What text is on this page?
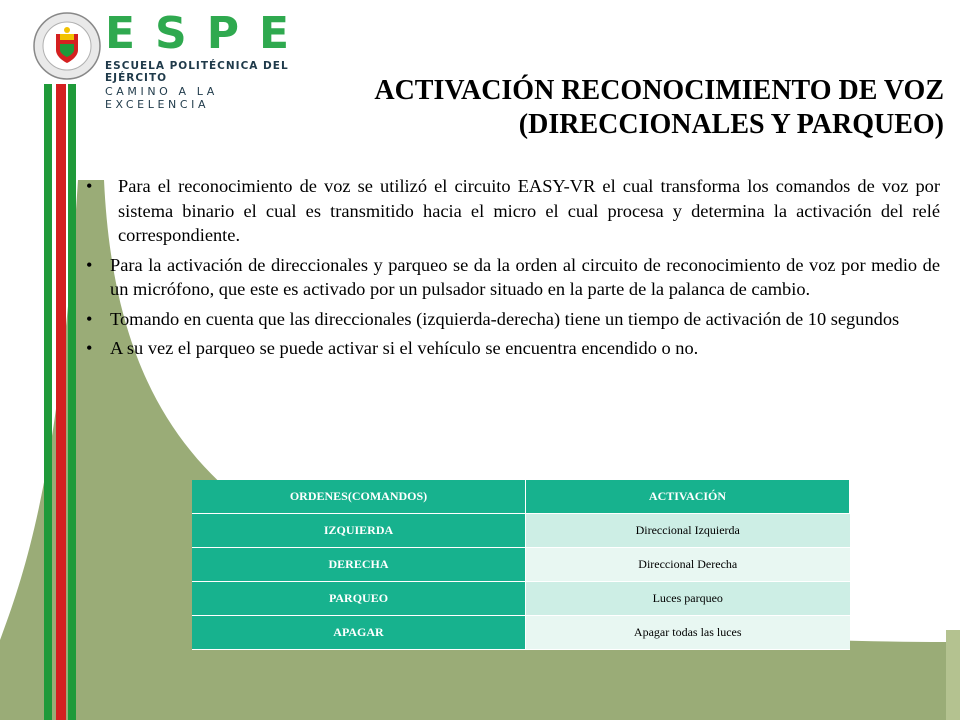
ESPE
ESCUELA POLITÉCNICA DEL EJÉRCITO
CAMINO A LA EXCELENCIA	ACTIVACIÓN RECONOCIMIENTO DE VOZ
(DIRECCIONALES Y PARQUEO)
• Para el reconocimiento de voz se utilizó el circuito EASY-VR el cual transforma los comandos de voz por sistema binario el cual es transmitido hacia el micro el cual procesa y determina la activación del relé correspondiente.
• Para la activación de direccionales y parqueo se da la orden al circuito de reconocimiento de voz por medio de un micrófono, que este es activado por un pulsador situado en la parte de la palanca de cambio.
• Tomando en cuenta que las direccionales (izquierda-derecha) tiene un tiempo de activación de 10 segundos
• A su vez el parqueo se puede activar si el vehículo se encuentra encendido o no.
ORDENES(COMANDOS)	ACTIVACIÓN
IZQUIERDA	Direccional Izquierda
DERECHA	Direccional Derecha
PARQUEO	Luces parqueo
APAGAR	Apagar todas las luces
